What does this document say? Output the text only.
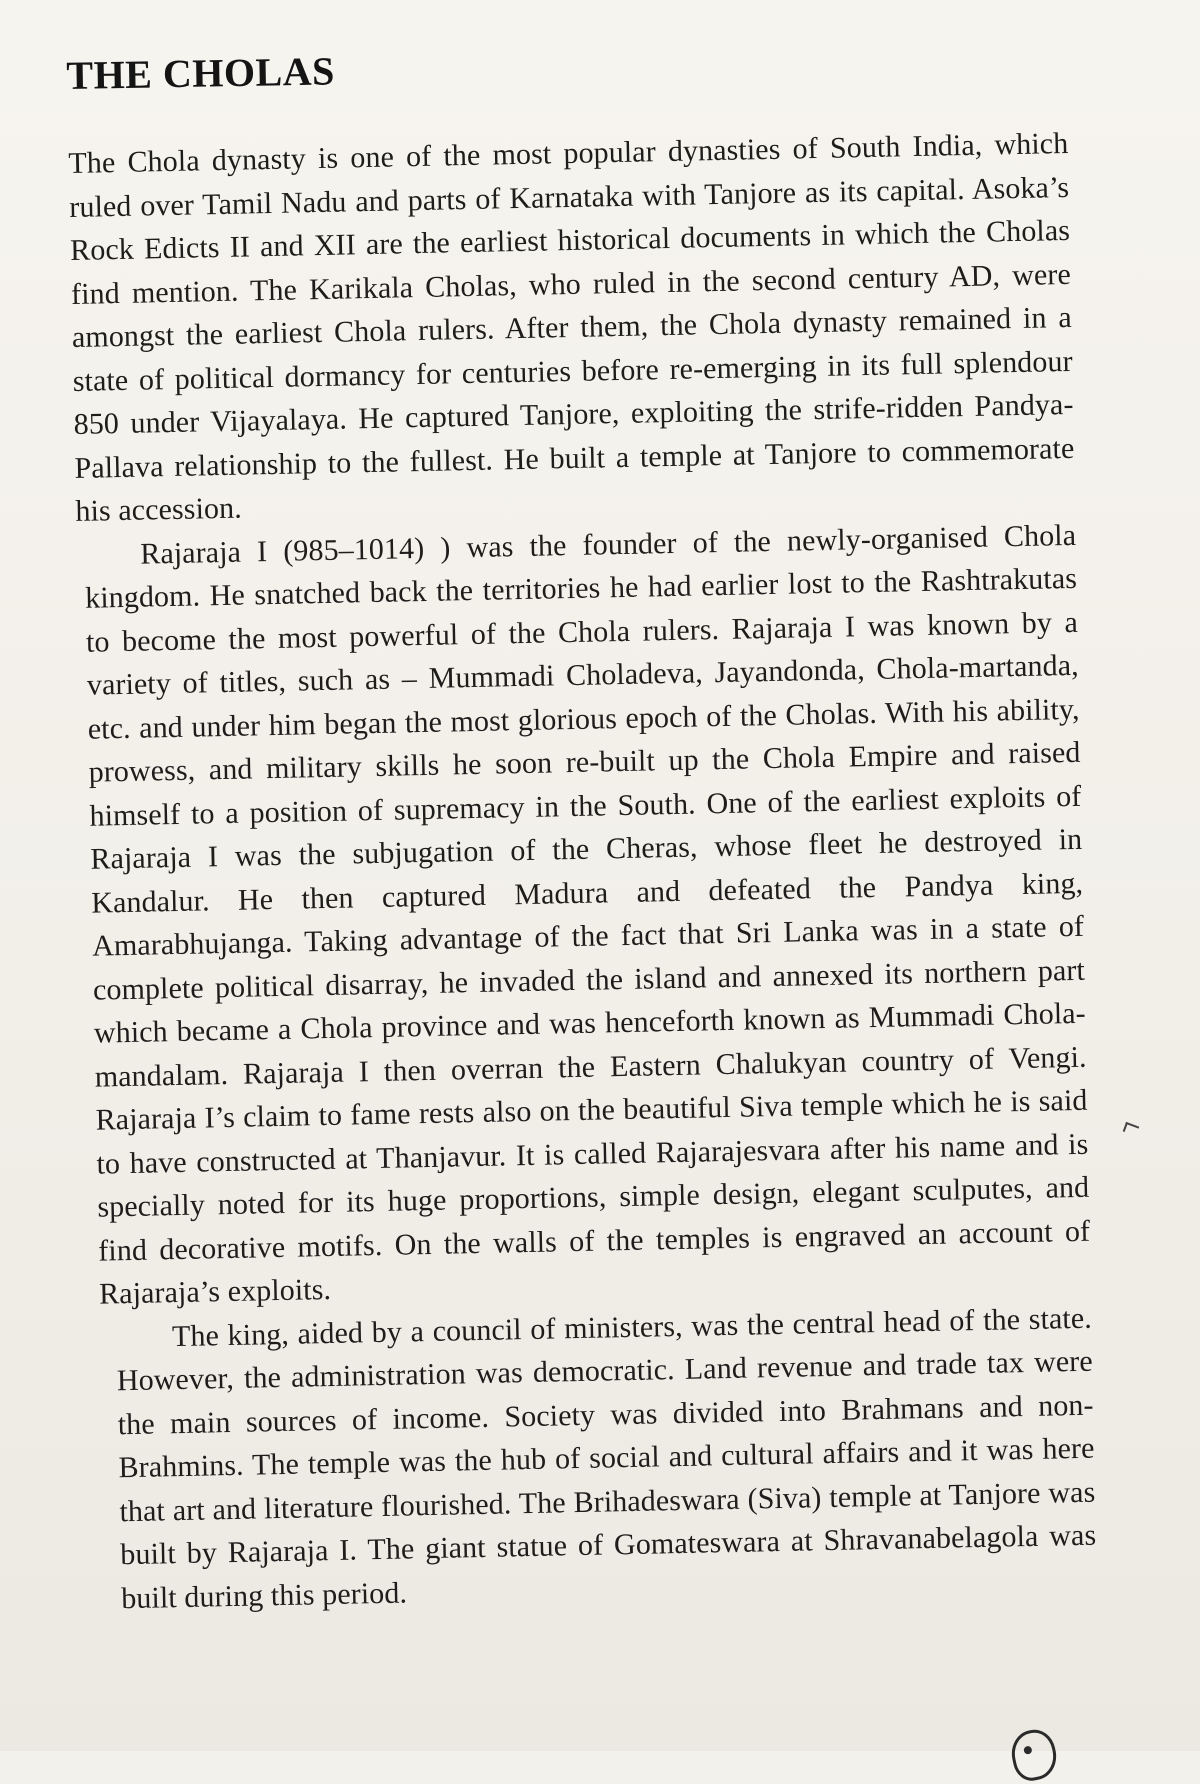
THE CHOLAS

The Chola dynasty is one of the most popular dynasties of South India, which ruled over Tamil Nadu and parts of Karnataka with Tanjore as its capital. Asoka’s Rock Edicts II and XII are the earliest historical documents in which the Cholas find mention. The Karikala Cholas, who ruled in the second century AD, were amongst the earliest Chola rulers. After them, the Chola dynasty remained in a state of political dormancy for centuries before re-emerging in its full splendour 850 under Vijayalaya. He captured Tanjore, exploiting the strife-ridden Pandya-Pallava relationship to the fullest. He built a temple at Tanjore to commemorate his accession.

Rajaraja I (985–1014) ) was the founder of the newly-organised Chola kingdom. He snatched back the territories he had earlier lost to the Rashtrakutas to become the most powerful of the Chola rulers. Rajaraja I was known by a variety of titles, such as – Mummadi Choladeva, Jayandonda, Chola-martanda, etc. and under him began the most glorious epoch of the Cholas. With his ability, prowess, and military skills he soon re-built up the Chola Empire and raised himself to a position of supremacy in the South. One of the earliest exploits of Rajaraja I was the subjugation of the Cheras, whose fleet he destroyed in Kandalur. He then captured Madura and defeated the Pandya king, Amarabhujanga. Taking advantage of the fact that Sri Lanka was in a state of complete political disarray, he invaded the island and annexed its northern part which became a Chola province and was henceforth known as Mummadi Chola-mandalam. Rajaraja I then overran the Eastern Chalukyan country of Vengi. Rajaraja I’s claim to fame rests also on the beautiful Siva temple which he is said to have constructed at Thanjavur. It is called Rajarajesvara after his name and is specially noted for its huge proportions, simple design, elegant sculputes, and find decorative motifs. On the walls of the temples is engraved an account of Rajaraja’s exploits.

The king, aided by a council of ministers, was the central head of the state. However, the administration was democratic. Land revenue and trade tax were the main sources of income. Society was divided into Brahmans and non-Brahmins. The temple was the hub of social and cultural affairs and it was here that art and literature flourished. The Brihadeswara (Siva) temple at Tanjore was built by Rajaraja I. The giant statue of Gomateswara at Shravanabelagola was built during this period.
